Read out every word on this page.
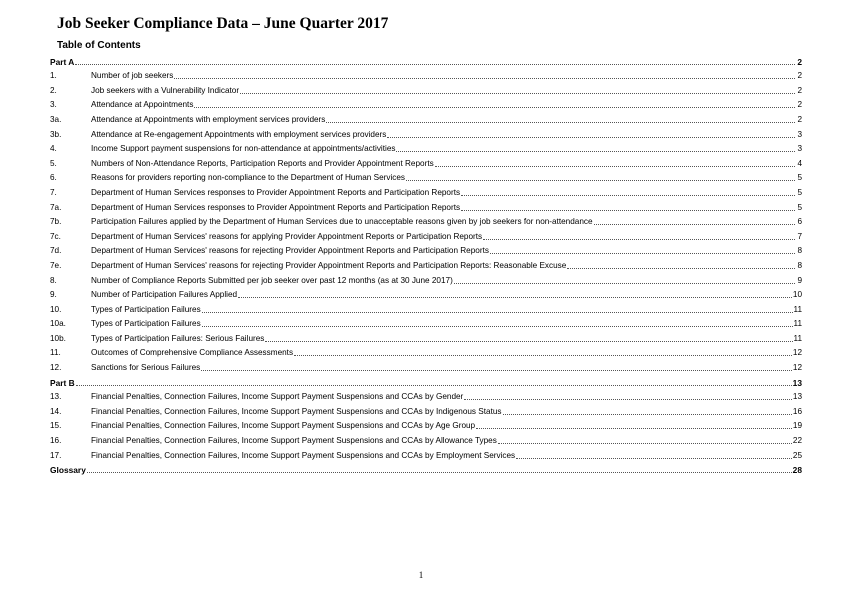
Job Seeker Compliance Data – June Quarter 2017
Table of Contents
Part A	2
1.	Number of job seekers	2
2.	Job seekers with a Vulnerability Indicator	2
3.	Attendance at Appointments	2
3a.	Attendance at Appointments with employment services providers	2
3b.	Attendance at Re-engagement Appointments with employment services providers	3
4.	Income Support payment suspensions for non-attendance at appointments/activities	3
5.	Numbers of Non-Attendance Reports, Participation Reports and Provider Appointment Reports	4
6.	Reasons for providers reporting non-compliance to the Department of Human Services	5
7.	Department of Human Services responses to Provider Appointment Reports and Participation Reports	5
7a.	Department of Human Services responses to Provider Appointment Reports and Participation Reports	5
7b.	Participation Failures applied by the Department of Human Services due to unacceptable reasons given by job seekers for non-attendance	6
7c.	Department of Human Services' reasons for applying Provider Appointment Reports or Participation Reports	7
7d.	Department of Human Services' reasons for rejecting Provider Appointment Reports and Participation Reports	8
7e.	Department of Human Services' reasons for rejecting Provider Appointment Reports and Participation Reports: Reasonable Excuse	8
8.	Number of Compliance Reports Submitted per job seeker over past 12 months (as at 30 June 2017)	9
9.	Number of Participation Failures Applied	10
10.	Types of Participation Failures	11
10a.	Types of Participation Failures	11
10b.	Types of Participation Failures: Serious Failures	11
11.	Outcomes of Comprehensive Compliance Assessments	12
12.	Sanctions for Serious Failures	12
Part B	13
13.	Financial Penalties, Connection Failures, Income Support Payment Suspensions and CCAs by Gender	13
14.	Financial Penalties, Connection Failures, Income Support Payment Suspensions and CCAs by Indigenous Status	16
15.	Financial Penalties, Connection Failures, Income Support Payment Suspensions and CCAs by Age Group	19
16.	Financial Penalties, Connection Failures, Income Support Payment Suspensions and CCAs by Allowance Types	22
17.	Financial Penalties, Connection Failures, Income Support Payment Suspensions and CCAs by Employment Services	25
Glossary	28
1
